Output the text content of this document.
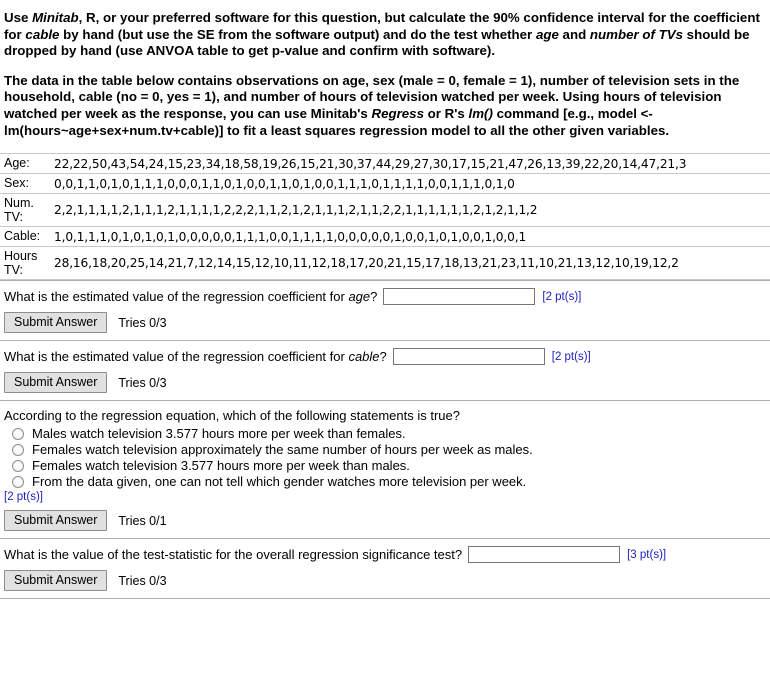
Use Minitab, R, or your preferred software for this question, but calculate the 90% confidence interval for the coefficient for cable by hand (but use the SE from the software output) and do the test whether age and number of TVs should be dropped by hand (use ANVOA table to get p-value and confirm with software).

The data in the table below contains observations on age, sex (male = 0, female = 1), number of television sets in the household, cable (no = 0, yes = 1), and number of hours of television watched per week. Using hours of television watched per week as the response, you can use Minitab's Regress or R's lm() command [e.g., model <- lm(hours~age+sex+num.tv+cable)] to fit a least squares regression model to all the other given variables.

Age:	22,22,50,43,54,24,15,23,34,18,58,19,26,15,21,30,37,44,29,27,30,17,15,21,47,26,13,39,22,20,14,47,21,3
Sex:	0,0,1,1,0,1,0,1,1,1,0,0,0,1,1,0,1,0,0,1,1,0,1,0,0,1,1,1,0,1,1,1,1,0,0,1,1,1,0,1,0
Num. TV:	2,2,1,1,1,1,2,1,1,1,2,1,1,1,1,2,2,2,1,1,2,1,2,1,1,1,2,1,1,2,2,1,1,1,1,1,1,2,1,2,1,1,2
Cable:	1,0,1,1,1,0,1,0,1,0,1,0,0,0,0,0,1,1,1,0,0,1,1,1,1,0,0,0,0,0,1,0,0,1,0,1,0,0,1,0,0,1
Hours TV:	28,16,18,20,25,14,21,7,12,14,15,12,10,11,12,18,17,20,21,15,17,18,13,21,23,11,10,21,13,12,10,19,12,2
What is the estimated value of the regression coefficient for age?	[2 pt(s)]
Submit Answer	Tries 0/3
What is the estimated value of the regression coefficient for cable?	[2 pt(s)]
Submit Answer	Tries 0/3
According to the regression equation, which of the following statements is true?
Males watch television 3.577 hours more per week than females.
Females watch television approximately the same number of hours per week as males.
Females watch television 3.577 hours more per week than males.
From the data given, one can not tell which gender watches more television per week.
[2 pt(s)]
Submit Answer	Tries 0/1
What is the value of the test-statistic for the overall regression significance test?	[3 pt(s)]
Submit Answer	Tries 0/3
